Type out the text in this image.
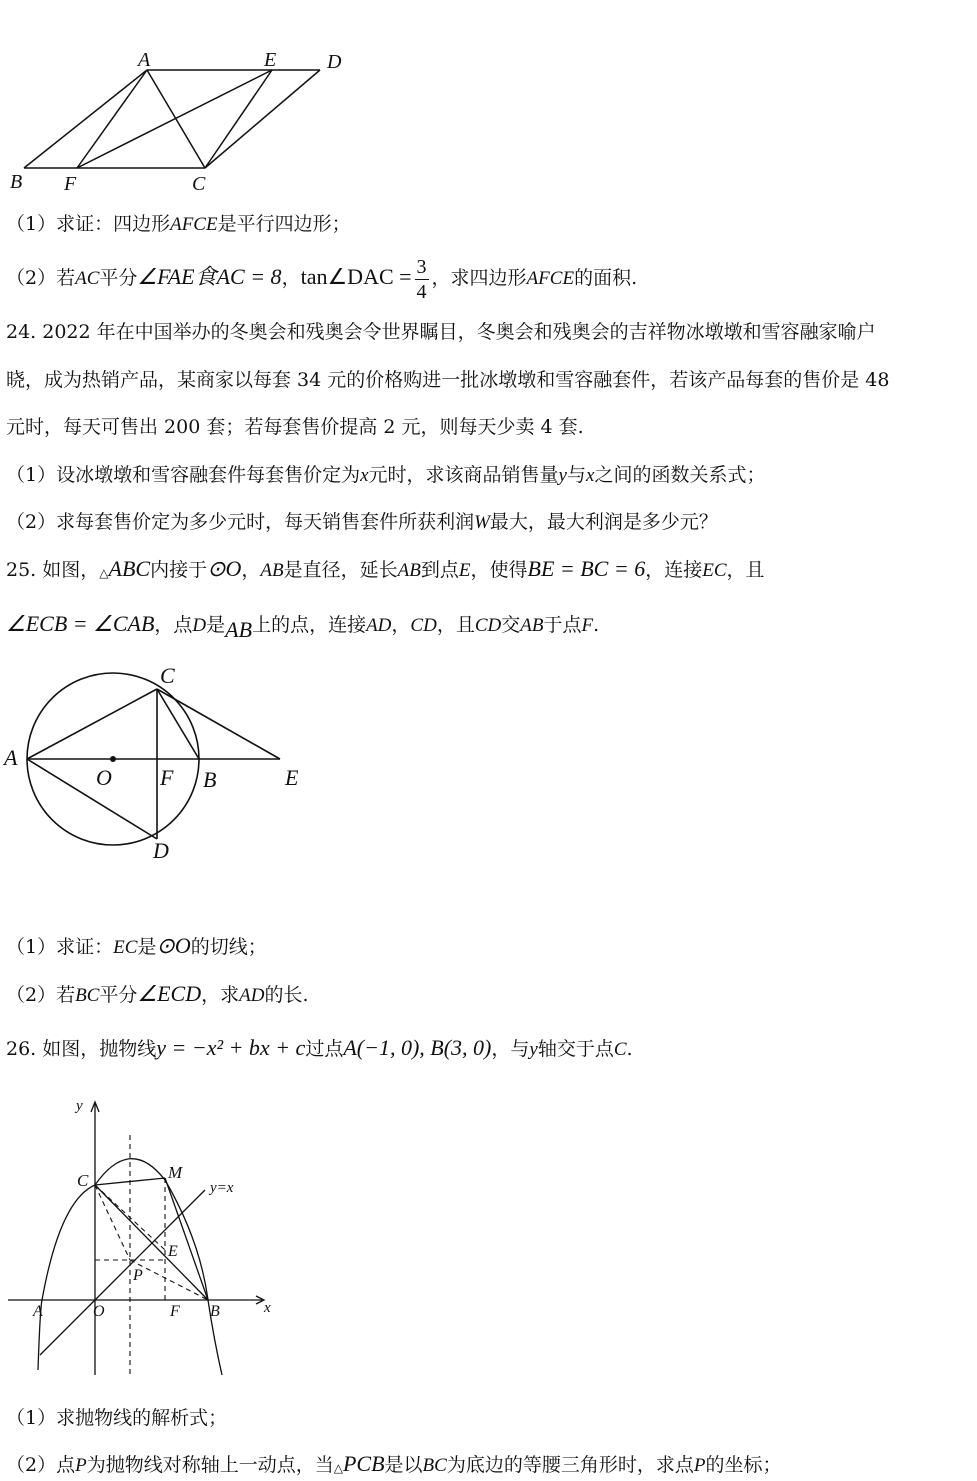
A	E	D
B F	C
（1）求证：四边形AFCE是平行四边形；
（2）若AC平分∠FAE食AC = 8，tan∠DAC = $\frac{3}{4}$ ，求四边形AFCE的面积.
24. 2022 年在中国举办的冬奥会和残奥会令世界瞩目，冬奥会和残奥会的吉祥物冰墩墩和雪容融家喻户
晓，成为热销产品，某商家以每套 34 元的价格购进一批冰墩墩和雪容融套件，若该产品每套的售价是 48
元时，每天可售出 200 套；若每套售价提高 2 元，则每天少卖 4 套.
（1）设冰墩墩和雪容融套件每套售价定为x元时，求该商品销售量y与x之间的函数关系式；
（2）求每套售价定为多少元时，每天销售套件所获利润W最大，最大利润是多少元？
25. 如图，△ABC内接于⊙O，AB是直径，延长AB到点E，使得BE = BC = 6，连接EC，且
∠ECB = ∠CAB，点D是AB上的点，连接AD，CD，且CD交AB于点F.
C
A
O F B	E
D
（1）求证：EC是⊙O的切线；
（2）若BC平分∠ECD，求AD的长.
26. 如图，抛物线y = −x² + bx + c过点A(−1, 0), B(3, 0)，与y轴交于点C.
y
x
C	M
y=x
E
P
A	O	F B
（1）求抛物线的解析式；
（2）点P为抛物线对称轴上一动点，当△PCB是以BC为底边的等腰三角形时，求点P的坐标；
